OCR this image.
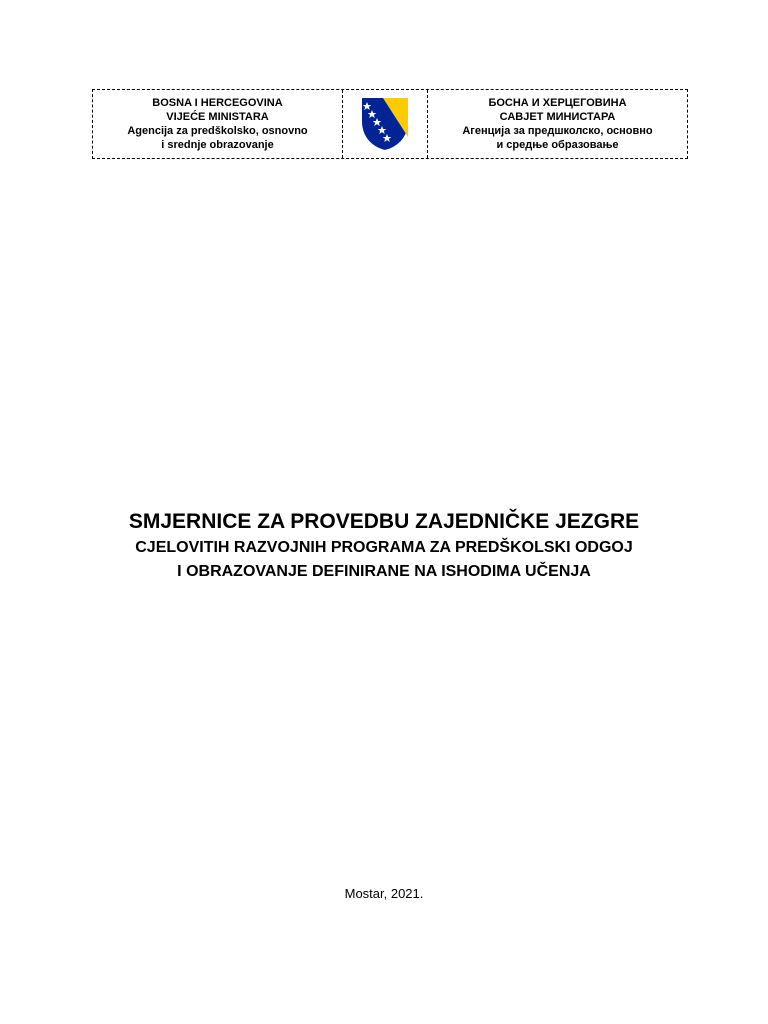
BOSNA I HERCEGOVINA
VIJEĆE MINISTARA
Agencija za predškolsko, osnovno
i srednje obrazovanje
БОСНА И ХЕРЦЕГОВИНА
САВЈЕТ МИНИСТАРА
Агенција за предшколско, основно
и средње образовање
SMJERNICE ZA PROVEDBU ZAJEDNIČKE JEZGRE
CJELOVITIH RAZVOJNIH PROGRAMA ZA PREDŠKOLSKI ODGOJ
I OBRAZOVANJE DEFINIRANE NA ISHODIMA UČENJA
Mostar, 2021.
